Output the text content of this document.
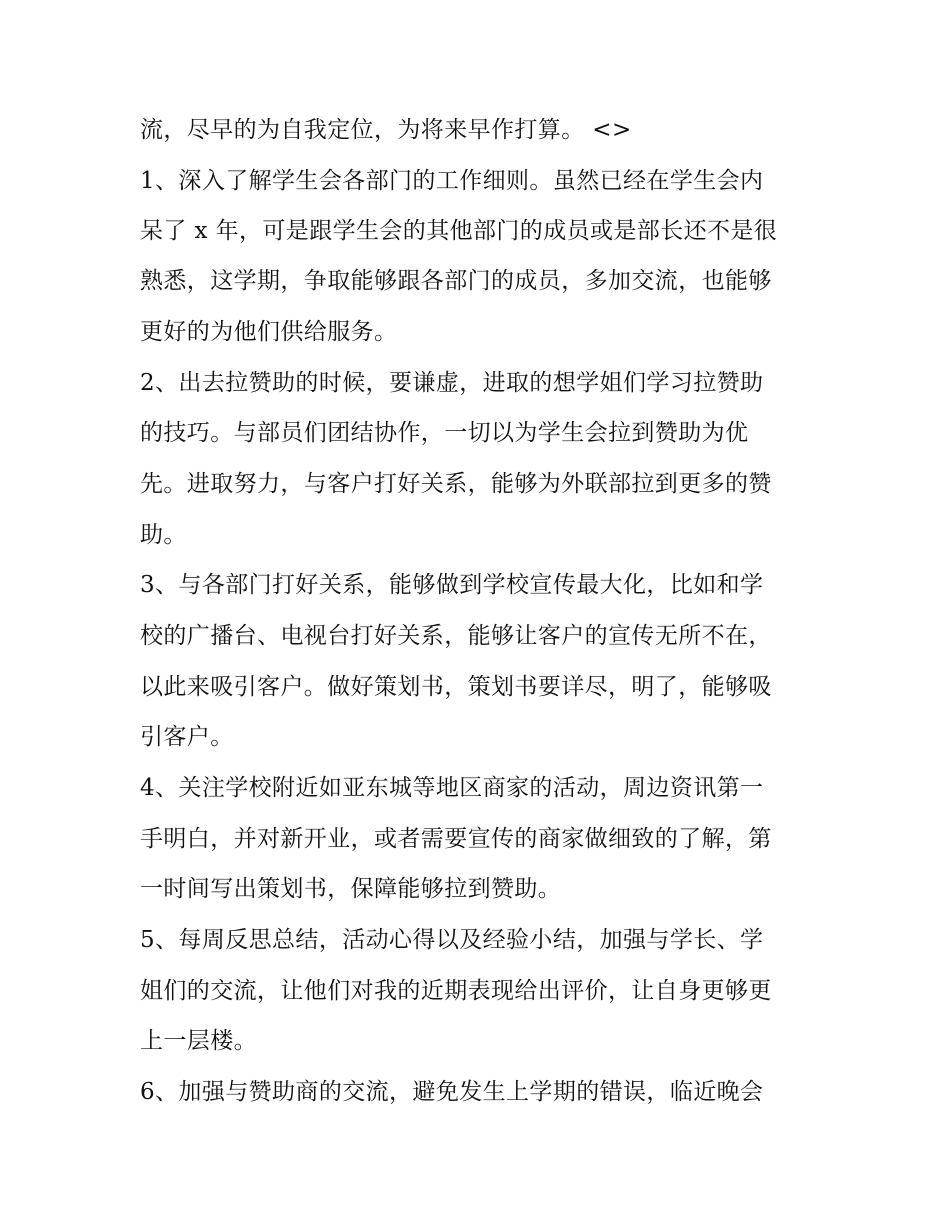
流，尽早的为自我定位，为将来早作打算。 <>
1、深入了解学生会各部门的工作细则。虽然已经在学生会内
呆了 x 年，可是跟学生会的其他部门的成员或是部长还不是很
熟悉，这学期，争取能够跟各部门的成员，多加交流，也能够
更好的为他们供给服务。
2、出去拉赞助的时候，要谦虚，进取的想学姐们学习拉赞助
的技巧。与部员们团结协作，一切以为学生会拉到赞助为优
先。进取努力，与客户打好关系，能够为外联部拉到更多的赞
助。
3、与各部门打好关系，能够做到学校宣传最大化，比如和学
校的广播台、电视台打好关系，能够让客户的宣传无所不在，
以此来吸引客户。做好策划书，策划书要详尽，明了，能够吸
引客户。
4、关注学校附近如亚东城等地区商家的活动，周边资讯第一
手明白，并对新开业，或者需要宣传的商家做细致的了解，第
一时间写出策划书，保障能够拉到赞助。
5、每周反思总结，活动心得以及经验小结，加强与学长、学
姐们的交流，让他们对我的近期表现给出评价，让自身更够更
上一层楼。
6、加强与赞助商的交流，避免发生上学期的错误，临近晚会
